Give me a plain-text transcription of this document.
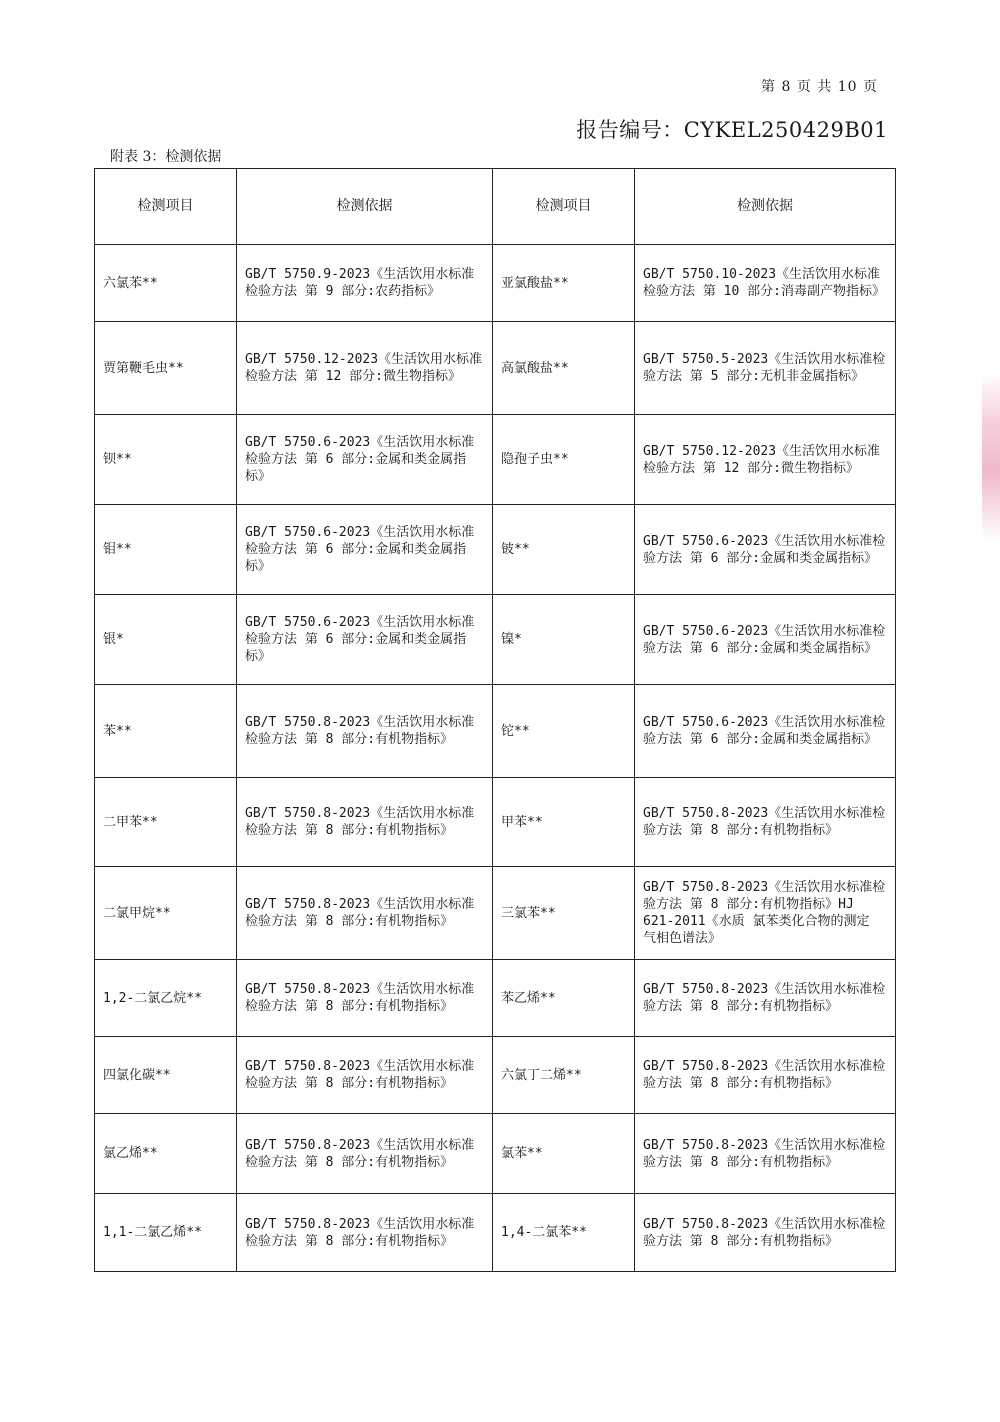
第 8 页 共 10 页
报告编号：CYKEL250429B01
附表 3：检测依据
检测项目	检测依据	检测项目	检测依据
六氯苯**	GB/T 5750.9-2023《生活饮用水标准检验方法 第 9 部分:农药指标》	亚氯酸盐**	GB/T 5750.10-2023《生活饮用水标准检验方法 第 10 部分:消毒副产物指标》
贾第鞭毛虫**	GB/T 5750.12-2023《生活饮用水标准检验方法 第 12 部分:微生物指标》	高氯酸盐**	GB/T 5750.5-2023《生活饮用水标准检验方法 第 5 部分:无机非金属指标》
钡**	GB/T 5750.6-2023《生活饮用水标准检验方法 第 6 部分:金属和类金属指标》	隐孢子虫**	GB/T 5750.12-2023《生活饮用水标准检验方法 第 12 部分:微生物指标》
钼**	GB/T 5750.6-2023《生活饮用水标准检验方法 第 6 部分:金属和类金属指标》	铍**	GB/T 5750.6-2023《生活饮用水标准检验方法 第 6 部分:金属和类金属指标》
银*	GB/T 5750.6-2023《生活饮用水标准检验方法 第 6 部分:金属和类金属指标》	镍*	GB/T 5750.6-2023《生活饮用水标准检验方法 第 6 部分:金属和类金属指标》
苯**	GB/T 5750.8-2023《生活饮用水标准检验方法 第 8 部分:有机物指标》	铊**	GB/T 5750.6-2023《生活饮用水标准检验方法 第 6 部分:金属和类金属指标》
二甲苯**	GB/T 5750.8-2023《生活饮用水标准检验方法 第 8 部分:有机物指标》	甲苯**	GB/T 5750.8-2023《生活饮用水标准检验方法 第 8 部分:有机物指标》
二氯甲烷**	GB/T 5750.8-2023《生活饮用水标准检验方法 第 8 部分:有机物指标》	三氯苯**	GB/T 5750.8-2023《生活饮用水标准检验方法 第 8 部分:有机物指标》HJ 621-2011《水质 氯苯类化合物的测定 气相色谱法》
1,2-二氯乙烷**	GB/T 5750.8-2023《生活饮用水标准检验方法 第 8 部分:有机物指标》	苯乙烯**	GB/T 5750.8-2023《生活饮用水标准检验方法 第 8 部分:有机物指标》
四氯化碳**	GB/T 5750.8-2023《生活饮用水标准检验方法 第 8 部分:有机物指标》	六氯丁二烯**	GB/T 5750.8-2023《生活饮用水标准检验方法 第 8 部分:有机物指标》
氯乙烯**	GB/T 5750.8-2023《生活饮用水标准检验方法 第 8 部分:有机物指标》	氯苯**	GB/T 5750.8-2023《生活饮用水标准检验方法 第 8 部分:有机物指标》
1,1-二氯乙烯**	GB/T 5750.8-2023《生活饮用水标准检验方法 第 8 部分:有机物指标》	1,4-二氯苯**	GB/T 5750.8-2023《生活饮用水标准检验方法 第 8 部分:有机物指标》
